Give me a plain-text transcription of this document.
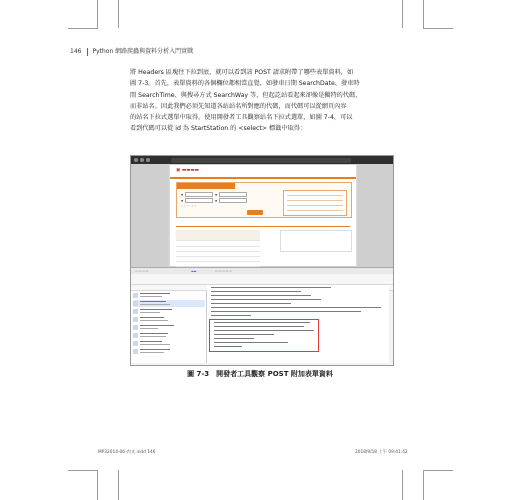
146 Python 網路爬蟲與資料分析入門實戰
將 Headers 區塊往下拉到底，就可以看到該 POST 請求附帶了哪些表單資料，如
圖 7-3。首先，表單資料的各個欄位都相當直覺，如發車日期 SearchDate、發車時
間 SearchTime、與搜尋方式 SearchWay 等，但起訖站看起來卻像是獨特的代碼，
而非站名。因此我們必須先知道各站站名所對應的代碼，而代碼可以從網頁內容
的站名下拉式選單中取得，使用開發者工具觀察站名下拉式選單，如圖 7-4，可以
看到代碼可以從 id 為 StartStation 的 <select> 標籤中取得：
▣ ▬▬▬▬
▪	▪
▪	▪
◦ ◦ ◦ ◦ ◦ ◦
▭ ▭ ▭ ▭	▬▬	▭ ▭ ▭ ▭ ▭
圖 7-3　開發者工具觀察 POST 附加表單資料
MP32014-06-內文.indd 146	2018/9/18 上午 09:41:42
